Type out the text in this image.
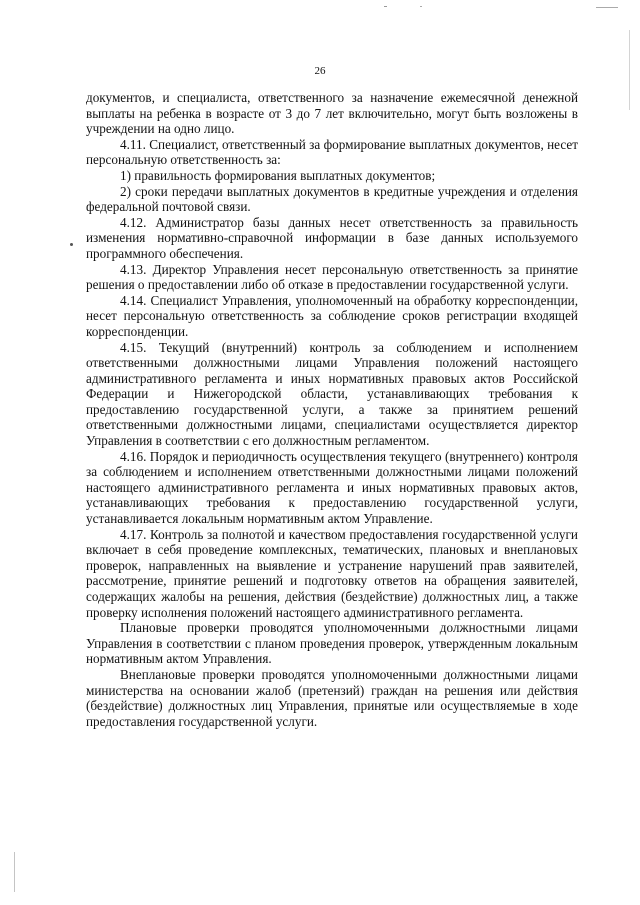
26

документов, и специалиста, ответственного за назначение ежемесячной денежной выплаты на ребенка в возрасте от 3 до 7 лет включительно, могут быть возложены в учреждении на одно лицо.

4.11. Специалист, ответственный за формирование выплатных документов, несет персональную ответственность за:

1) правильность формирования выплатных документов;

2) сроки передачи выплатных документов в кредитные учреждения и отделения федеральной почтовой связи.

4.12. Администратор базы данных несет ответственность за правильность изменения нормативно-справочной информации в базе данных используемого программного обеспечения.

4.13. Директор Управления несет персональную ответственность за принятие решения о предоставлении либо об отказе в предоставлении государственной услуги.

4.14. Специалист Управления, уполномоченный на обработку корреспонденции, несет персональную ответственность за соблюдение сроков регистрации входящей корреспонденции.

4.15. Текущий (внутренний) контроль за соблюдением и исполнением ответственными должностными лицами Управления положений настоящего административного регламента и иных нормативных правовых актов Российской Федерации и Нижегородской области, устанавливающих требования к предоставлению государственной услуги, а также за принятием решений ответственными должностными лицами, специалистами осуществляется директор Управления в соответствии с его должностным регламентом.

4.16. Порядок и периодичность осуществления текущего (внутреннего) контроля за соблюдением и исполнением ответственными должностными лицами положений настоящего административного регламента и иных нормативных правовых актов, устанавливающих требования к предоставлению государственной услуги, устанавливается локальным нормативным актом Управление.

4.17. Контроль за полнотой и качеством предоставления государственной услуги включает в себя проведение комплексных, тематических, плановых и внеплановых проверок, направленных на выявление и устранение нарушений прав заявителей, рассмотрение, принятие решений и подготовку ответов на обращения заявителей, содержащих жалобы на решения, действия (бездействие) должностных лиц, а также проверку исполнения положений настоящего административного регламента.

Плановые проверки проводятся уполномоченными должностными лицами Управления в соответствии с планом проведения проверок, утвержденным локальным нормативным актом Управления.

Внеплановые проверки проводятся уполномоченными должностными лицами министерства на основании жалоб (претензий) граждан на решения или действия (бездействие) должностных лиц Управления, принятые или осуществляемые в ходе предоставления государственной услуги.
